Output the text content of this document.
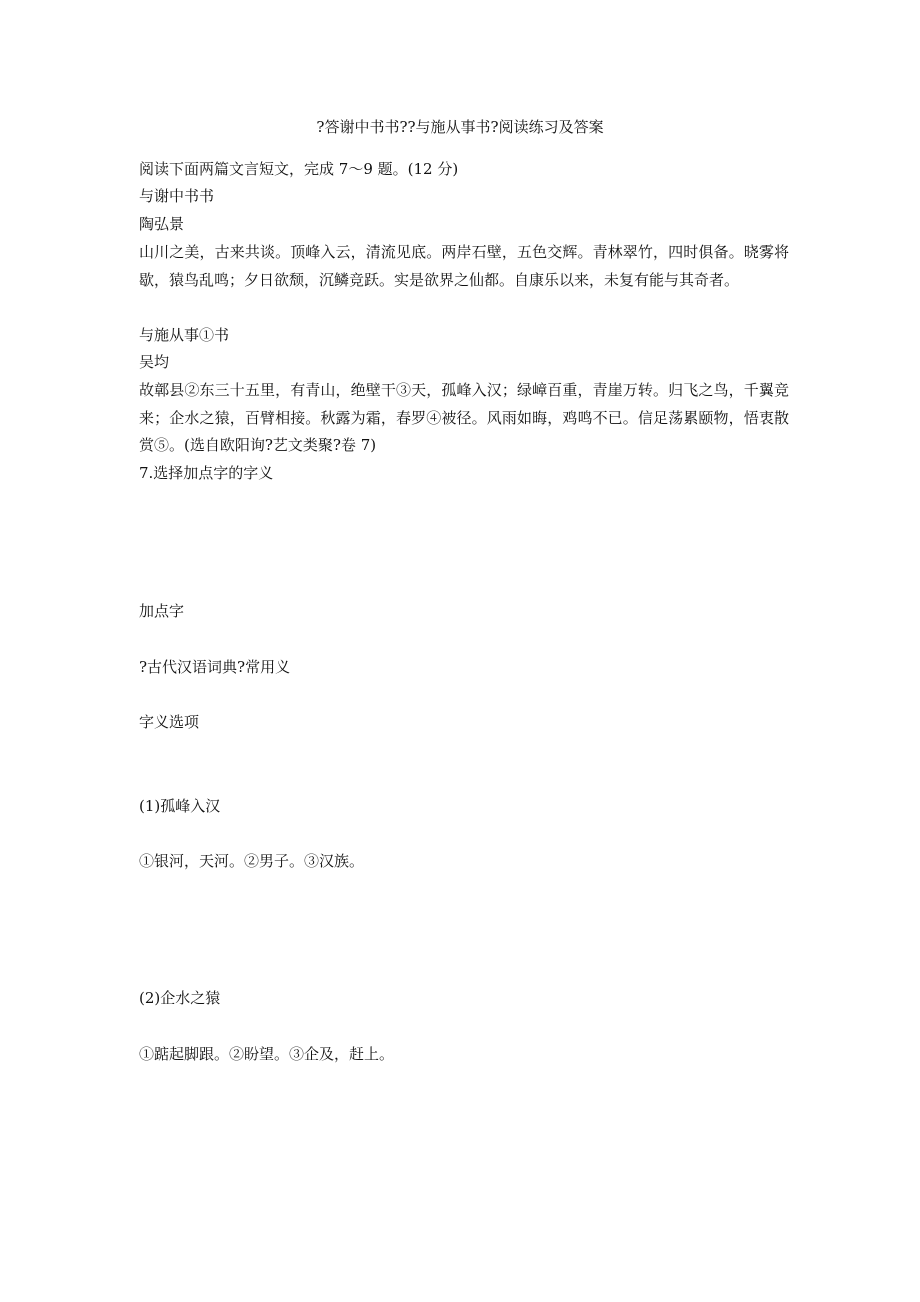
?答谢中书书??与施从事书?阅读练习及答案
阅读下面两篇文言短文，完成 7～9 题。(12 分)
与谢中书书
陶弘景
山川之美，古来共谈。顶峰入云，清流见底。两岸石壁，五色交辉。青林翠竹，四时俱备。晓雾将歇，猿鸟乱鸣；夕日欲颓，沉鳞竞跃。实是欲界之仙都。自康乐以来，未复有能与其奇者。
与施从事①书
吴均
故鄣县②东三十五里，有青山，绝壁干③天，孤峰入汉；绿嶂百重，青崖万转。归飞之鸟，千翼竞来；企水之猿，百臂相接。秋露为霜，春罗④被径。风雨如晦，鸡鸣不已。信足荡累颐物，悟衷散赏⑤。(选自欧阳询?艺文类聚?卷 7)
7.选择加点字的字义
加点字
?古代汉语词典?常用义
字义选项
(1)孤峰入汉
①银河，天河。②男子。③汉族。
(2)企水之猿
①踮起脚跟。②盼望。③企及，赶上。
